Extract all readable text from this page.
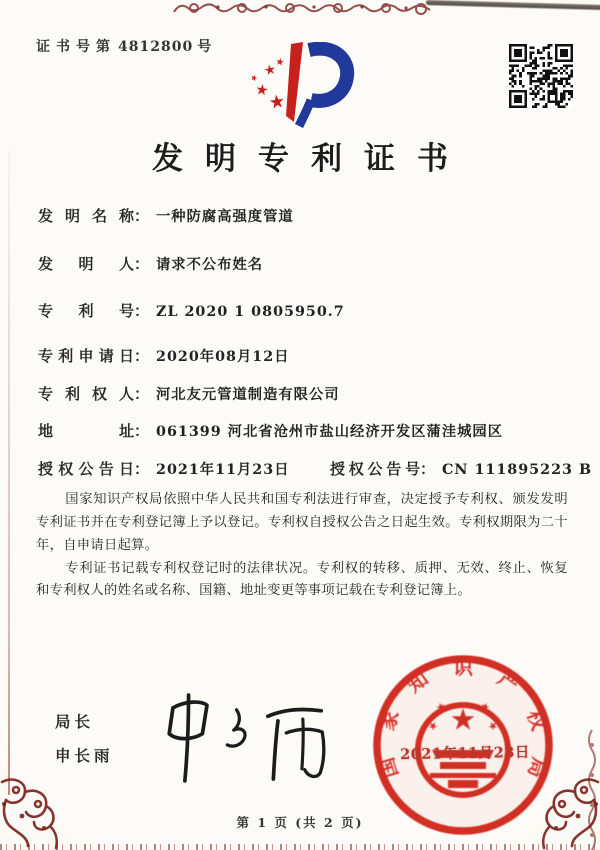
证书号第 4812800 号
发明专利证书
发明名称 ： 一种防腐高强度管道
发明人 ： 请求不公布姓名
专利号 ： ZL 2020 1 0805950.7
专利申请日 ： 2020年08月12日
专利权人 ： 河北友元管道制造有限公司
地址 ： 061399 河北省沧州市盐山经济开发区蒲洼城园区
授权公告日 ： 2021年11月23日	授权公告号 ： CN 111895223 B

国家知识产权局依照中华人民共和国专利法进行审查，决定授予专利权、颁发发明专利证书并在专利登记簿上予以登记。专利权自授权公告之日起生效。专利权期限为二十年，自申请日起算。

专利证书记载专利权登记时的法律状况。专利权的转移、质押、无效、终止、恢复和专利权人的姓名或名称、国籍、地址变更等事项记载在专利登记簿上。

局长
申长雨	国
家
知 识 产
权
局
2021年11月23日
第 1 页 (共 2 页)
